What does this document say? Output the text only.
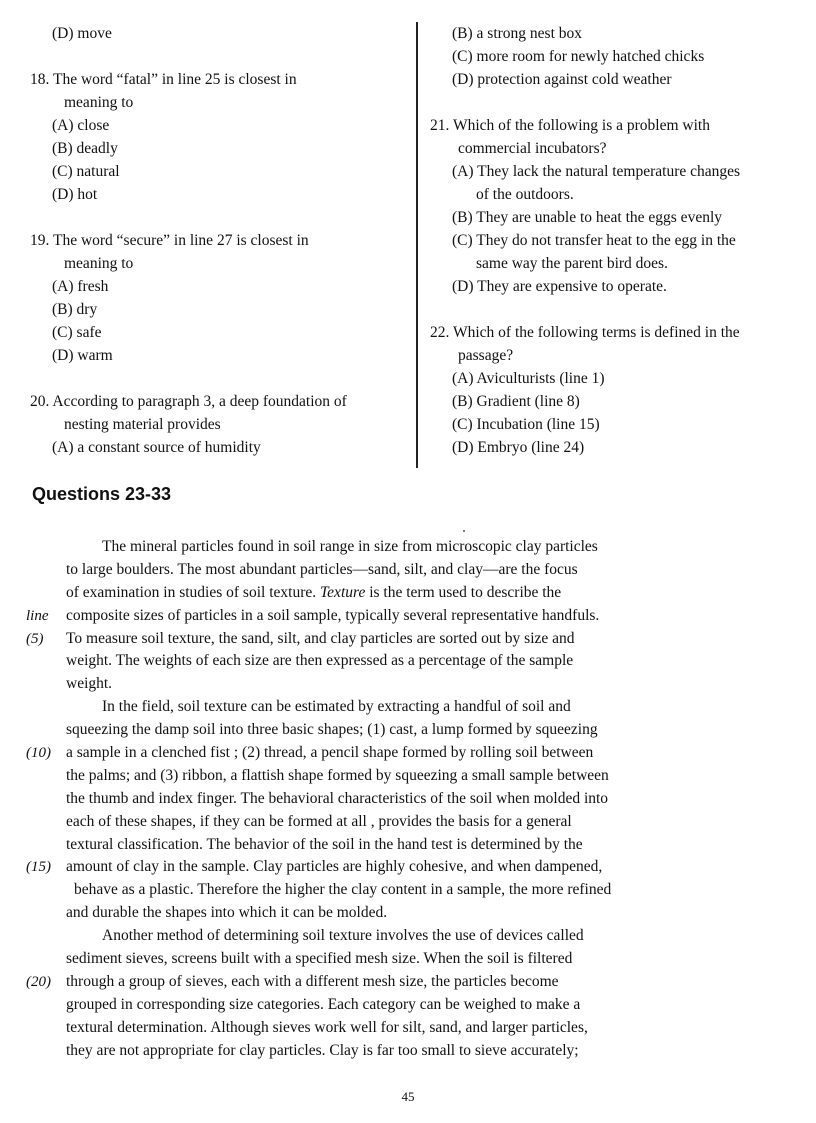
(D) move
18. The word “fatal” in line 25 is closest in
meaning to
(A) close
(B) deadly
(C) natural
(D) hot
19. The word “secure” in line 27 is closest in
meaning to
(A) fresh
(B) dry
(C) safe
(D) warm
20. According to paragraph 3, a deep foundation of
nesting material provides
(A) a constant source of humidity
(B) a strong nest box
(C) more room for newly hatched chicks
(D) protection against cold weather
21. Which of the following is a problem with
commercial incubators?
(A) They lack the natural temperature changes
of the outdoors.
(B) They are unable to heat the eggs evenly
(C) They do not transfer heat to the egg in the
same way the parent bird does.
(D) They are expensive to operate.
22. Which of the following terms is defined in the
passage?
(A) Aviculturists (line 1)
(B) Gradient (line 8)
(C) Incubation (line 15)
(D) Embryo (line 24)
Questions 23-33
The mineral particles found in soil range in size from microscopic clay particles
to large boulders. The most abundant particles—sand, silt, and clay—are the focus
of examination in studies of soil texture. Texture is the term used to describe the
line composite sizes of particles in a soil sample, typically several representative handfuls.
(5) To measure soil texture, the sand, silt, and clay particles are sorted out by size and
weight. The weights of each size are then expressed as a percentage of the sample
weight.
In the field, soil texture can be estimated by extracting a handful of soil and
squeezing the damp soil into three basic shapes; (1) cast, a lump formed by squeezing
(10) a sample in a clenched fist ; (2) thread, a pencil shape formed by rolling soil between
the palms; and (3) ribbon, a flattish shape formed by squeezing a small sample between
the thumb and index finger. The behavioral characteristics of the soil when molded into
each of these shapes, if they can be formed at all , provides the basis for a general
textural classification. The behavior of the soil in the hand test is determined by the
(15) amount of clay in the sample. Clay particles are highly cohesive, and when dampened,
behave as a plastic. Therefore the higher the clay content in a sample, the more refined
and durable the shapes into which it can be molded.
Another method of determining soil texture involves the use of devices called
sediment sieves, screens built with a specified mesh size. When the soil is filtered
(20) through a group of sieves, each with a different mesh size, the particles become
grouped in corresponding size categories. Each category can be weighed to make a
textural determination. Although sieves work well for silt, sand, and larger particles,
they are not appropriate for clay particles. Clay is far too small to sieve accurately;
45
